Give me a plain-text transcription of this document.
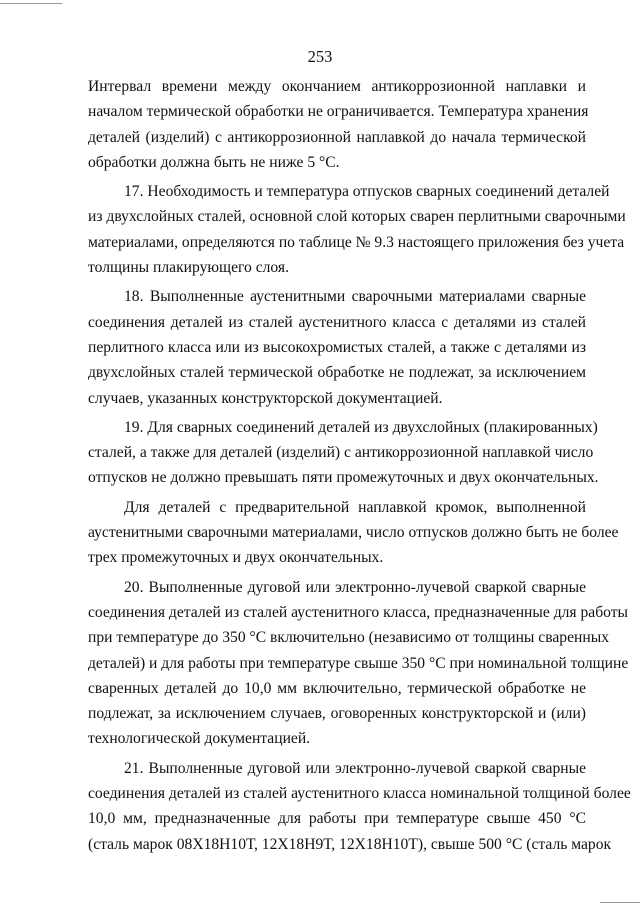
253
Интервал времени между окончанием антикоррозионной наплавки и
началом термической обработки не ограничивается. Температура хранения
деталей (изделий) с антикоррозионной наплавкой до начала термической
обработки должна быть не ниже 5 °С.
17. Необходимость и температура отпусков сварных соединений деталей
из двухслойных сталей, основной слой которых сварен перлитными сварочными
материалами, определяются по таблице № 9.3 настоящего приложения без учета
толщины плакирующего слоя.
18. Выполненные аустенитными сварочными материалами сварные
соединения деталей из сталей аустенитного класса с деталями из сталей
перлитного класса или из высокохромистых сталей, а также с деталями из
двухслойных сталей термической обработке не подлежат, за исключением
случаев, указанных конструкторской документацией.
19. Для сварных соединений деталей из двухслойных (плакированных)
сталей, а также для деталей (изделий) с антикоррозионной наплавкой число
отпусков не должно превышать пяти промежуточных и двух окончательных.
Для деталей с предварительной наплавкой кромок, выполненной
аустенитными сварочными материалами, число отпусков должно быть не более
трех промежуточных и двух окончательных.
20. Выполненные дуговой или электронно-лучевой сваркой сварные
соединения деталей из сталей аустенитного класса, предназначенные для работы
при температуре до 350 °С включительно (независимо от толщины сваренных
деталей) и для работы при температуре свыше 350 °С при номинальной толщине
сваренных деталей до 10,0 мм включительно, термической обработке не
подлежат, за исключением случаев, оговоренных конструкторской и (или)
технологической документацией.
21. Выполненные дуговой или электронно-лучевой сваркой сварные
соединения деталей из сталей аустенитного класса номинальной толщиной более
10,0 мм, предназначенные для работы при температуре свыше 450 °С
(сталь марок 08Х18Н10Т, 12Х18Н9Т, 12Х18Н10Т), свыше 500 °С (сталь марок
